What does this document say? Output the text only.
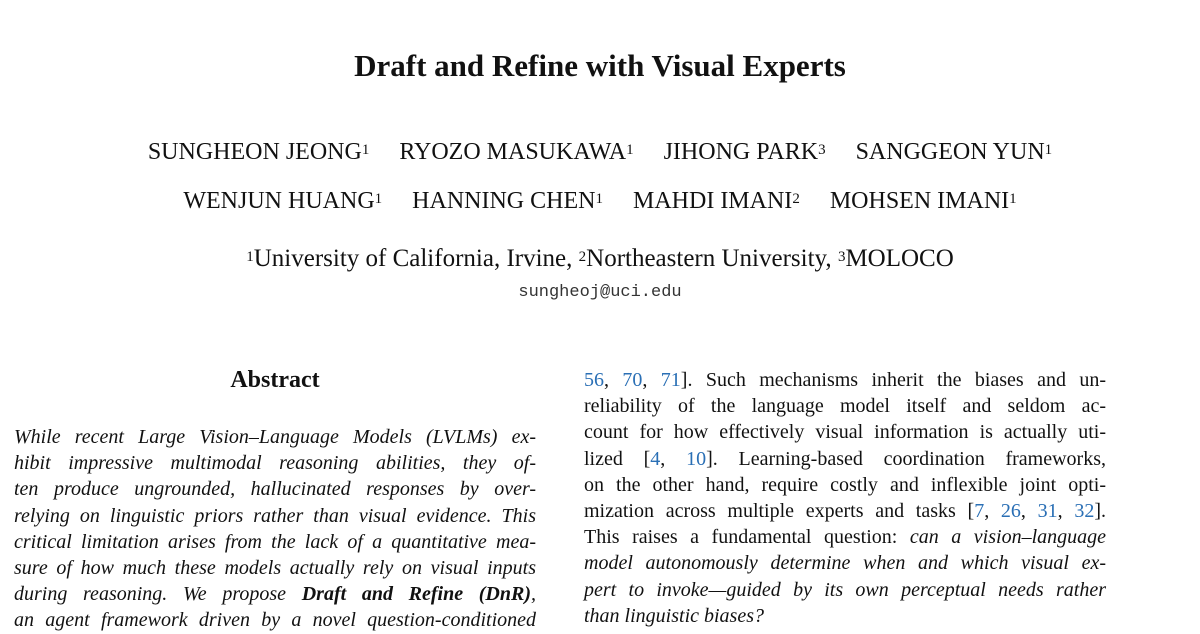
Draft and Refine with Visual Experts
SUNGHEON JEONG$^1$ RYOZO MASUKAWA$^1$ JIHONG PARK$^3$ SANGGEON YUN$^1$
WENJUN HUANG$^1$ HANNING CHEN$^1$ MAHDI IMANI$^2$ MOHSEN IMANI$^1$
$^1$University of California, Irvine, $^2$Northeastern University, $^3$MOLOCO
sungheoj@uci.edu
Abstract
While recent Large Vision–Language Models (LVLMs) ex-
hibit impressive multimodal reasoning abilities, they of-
ten produce ungrounded, hallucinated responses by over-
relying on linguistic priors rather than visual evidence. This
critical limitation arises from the lack of a quantitative mea-
sure of how much these models actually rely on visual inputs
during reasoning. We propose Draft and Refine (DnR),
an agent framework driven by a novel question-conditioned
56, 70, 71]. Such mechanisms inherit the biases and un-
reliability of the language model itself and seldom ac-
count for how effectively visual information is actually uti-
lized [4, 10]. Learning-based coordination frameworks,
on the other hand, require costly and inflexible joint opti-
mization across multiple experts and tasks [7, 26, 31, 32].
This raises a fundamental question: can a vision–language
model autonomously determine when and which visual ex-
pert to invoke—guided by its own perceptual needs rather
than linguistic biases?
